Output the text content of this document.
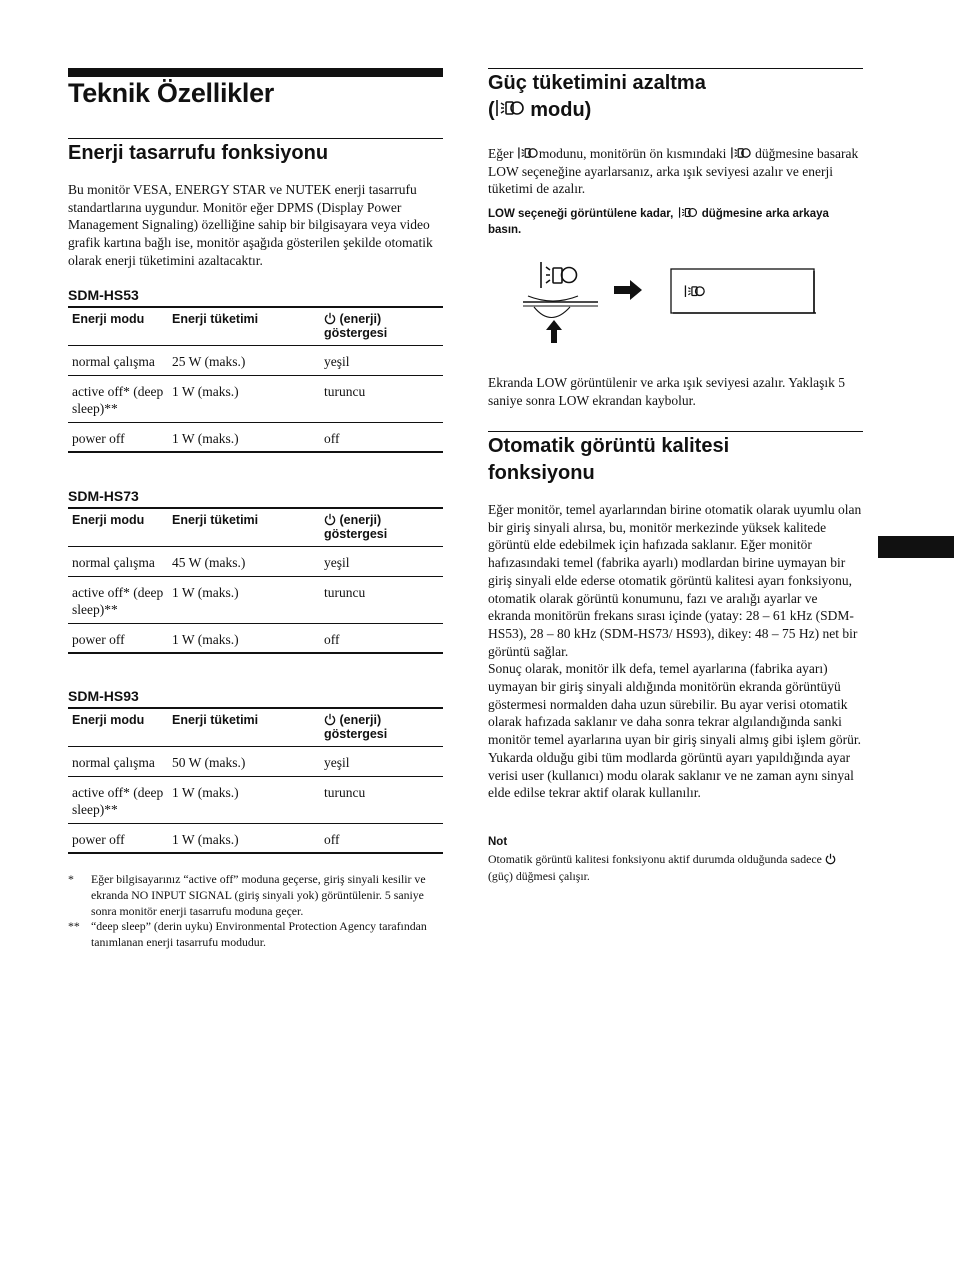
Teknik Özellikler
Enerji tasarrufu fonksiyonu

Bu monitör VESA, ENERGY STAR ve NUTEK enerji tasarrufu standartlarına uygundur. Monitör eğer DPMS (Display Power Management Signaling) özelliğine sahip bir bilgisayara veya video grafik kartına bağlı ise, monitör aşağıda gösterilen şekilde otomatik olarak enerji tüketimini azaltacaktır.

SDM-HS53
Enerji modu	Enerji tüketimi	(enerji) göstergesi
normal çalışma	25 W (maks.)	yeşil
active off* (deep sleep)**	1 W (maks.)	turuncu
power off	1 W (maks.)	off
SDM-HS73
Enerji modu	Enerji tüketimi	(enerji) göstergesi
normal çalışma	45 W (maks.)	yeşil
active off* (deep sleep)**	1 W (maks.)	turuncu
power off	1 W (maks.)	off
SDM-HS93
Enerji modu	Enerji tüketimi	(enerji) göstergesi
normal çalışma	50 W (maks.)	yeşil
active off* (deep sleep)**	1 W (maks.)	turuncu
power off	1 W (maks.)	off
* Eğer bilgisayarınız “active off” moduna geçerse, giriş sinyali kesilir ve ekranda NO INPUT SIGNAL (giriş sinyali yok) görüntülenir. 5 saniye sonra monitör enerji tasarrufu moduna geçer.
** “deep sleep” (derin uyku) Environmental Protection Agency tarafından tanımlanan enerji tasarrufu modudur.
Güç tüketimini azaltma
( modu)

Eğer modunu, monitörün ön kısmındaki  düğmesine basarak LOW seçeneğine ayarlarsanız, arka ışık seviyesi azalır ve enerji tüketimi de azalır.

LOW seçeneği görüntülene kadar,  düğmesine arka arkaya basın.

Ekranda LOW görüntülenir ve arka ışık seviyesi azalır. Yaklaşık 5 saniye sonra LOW ekrandan kaybolur.

Otomatik görüntü kalitesi
fonksiyonu

Eğer monitör, temel ayarlarından birine otomatik olarak uyumlu olan bir giriş sinyali alırsa, bu, monitör merkezinde yüksek kalitede görüntü elde edebilmek için hafızada saklanır. Eğer monitör hafızasındaki temel (fabrika ayarlı) modlardan birine uymayan bir giriş sinyali elde ederse otomatik görüntü kalitesi ayarı fonksiyonu, otomatik olarak görüntü konumunu, fazı ve aralığı ayarlar ve ekranda monitörün frekans sırası içinde (yatay: 28 – 61 kHz (SDM-HS53), 28 – 80 kHz (SDM-HS73/ HS93), dikey: 48 – 75 Hz) net bir görüntü sağlar.
Sonuç olarak, monitör ilk defa, temel ayarlarına (fabrika ayarı) uymayan bir giriş sinyali aldığında monitörün ekranda görüntüyü göstermesi normalden daha uzun sürebilir. Bu ayar verisi otomatik olarak hafızada saklanır ve daha sonra tekrar algılandığında sanki monitör temel ayarlarına uyan bir giriş sinyali almış gibi işlem görür.
Yukarda olduğu gibi tüm modlarda görüntü ayarı yapıldığında ayar verisi user (kullanıcı) modu olarak saklanır ve ne zaman aynı sinyal elde edilse tekrar aktif olarak kullanılır.

Not

Otomatik görüntü kalitesi fonksiyonu aktif durumda olduğunda sadece  (güç) düğmesi çalışır.
